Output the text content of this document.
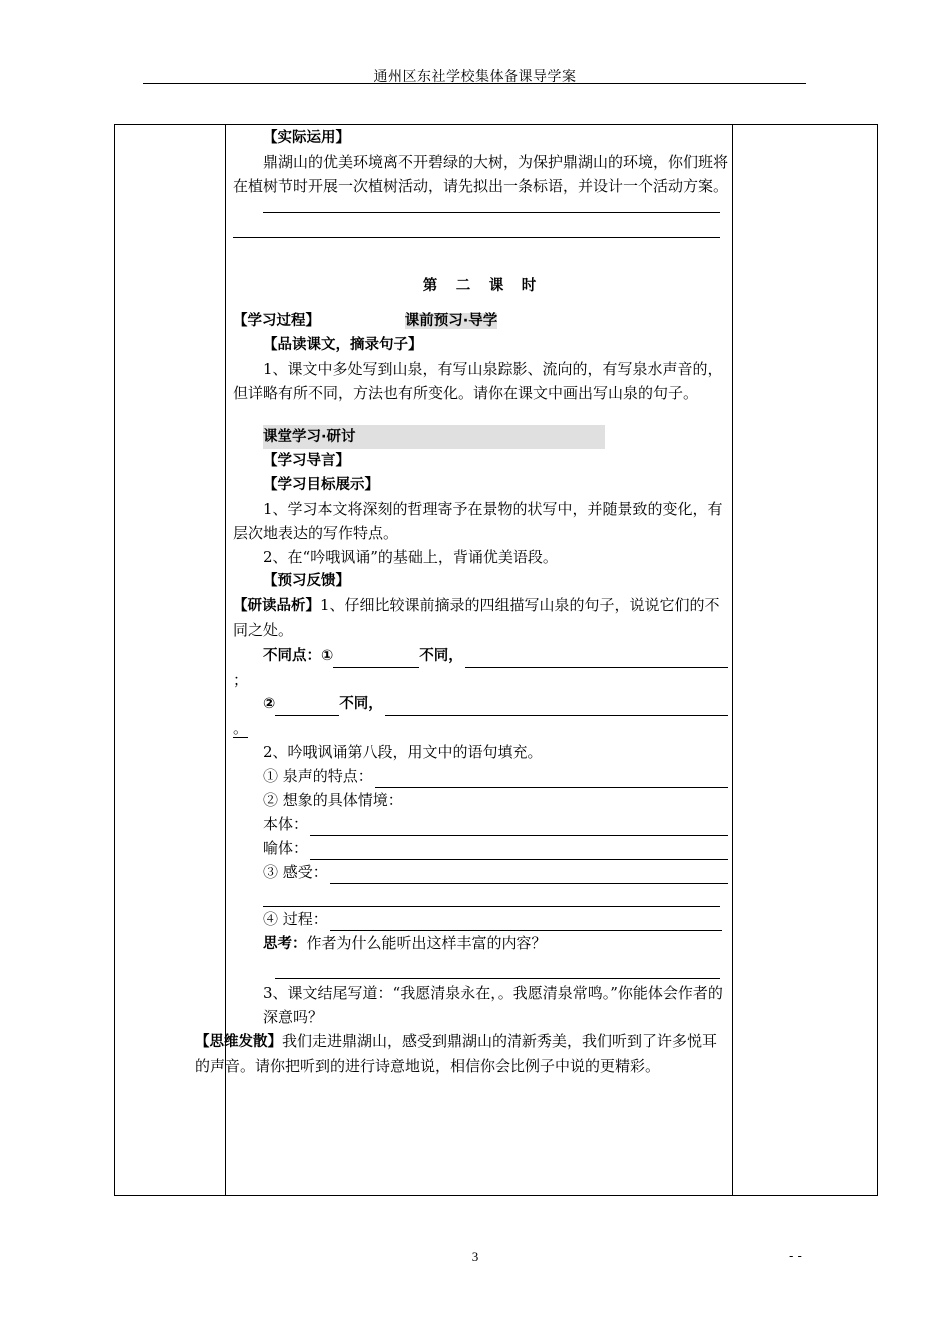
通州区东社学校集体备课导学案

【实际运用】

鼎湖山的优美环境离不开碧绿的大树，为保护鼎湖山的环境，你们班将在植树节时开展一次植树活动，请先拟出一条标语，并设计一个活动方案。

第　二　课　时

【学习过程】	课前预习·导学

【品读课文，摘录句子】

1、课文中多处写到山泉，有写山泉踪影、流向的，有写泉水声音的，但详略有所不同，方法也有所变化。请你在课文中画出写山泉的句子。

课堂学习·研讨

【学习导言】

【学习目标展示】

1、学习本文将深刻的哲理寄予在景物的状写中，并随景致的变化，有层次地表达的写作特点。

2、在“吟哦讽诵”的基础上，背诵优美语段。

【预习反馈】

【研读品析】1、仔细比较课前摘录的四组描写山泉的句子，说说它们的不同之处。

不同点：①	不同，

；

②	不同，

。

2、吟哦讽诵第八段，用文中的语句填充。

① 泉声的特点：

② 想象的具体情境：

本体：
喻体：
③ 感受：
④ 过程：

思考：作者为什么能听出这样丰富的内容？

3、课文结尾写道：“我愿清泉永在，。我愿清泉常鸣。”你能体会作者的深意吗？

【思维发散】我们走进鼎湖山，感受到鼎湖山的清新秀美，我们听到了许多悦耳的声音。请你把听到的进行诗意地说，相信你会比例子中说的更精彩。

3	- -
